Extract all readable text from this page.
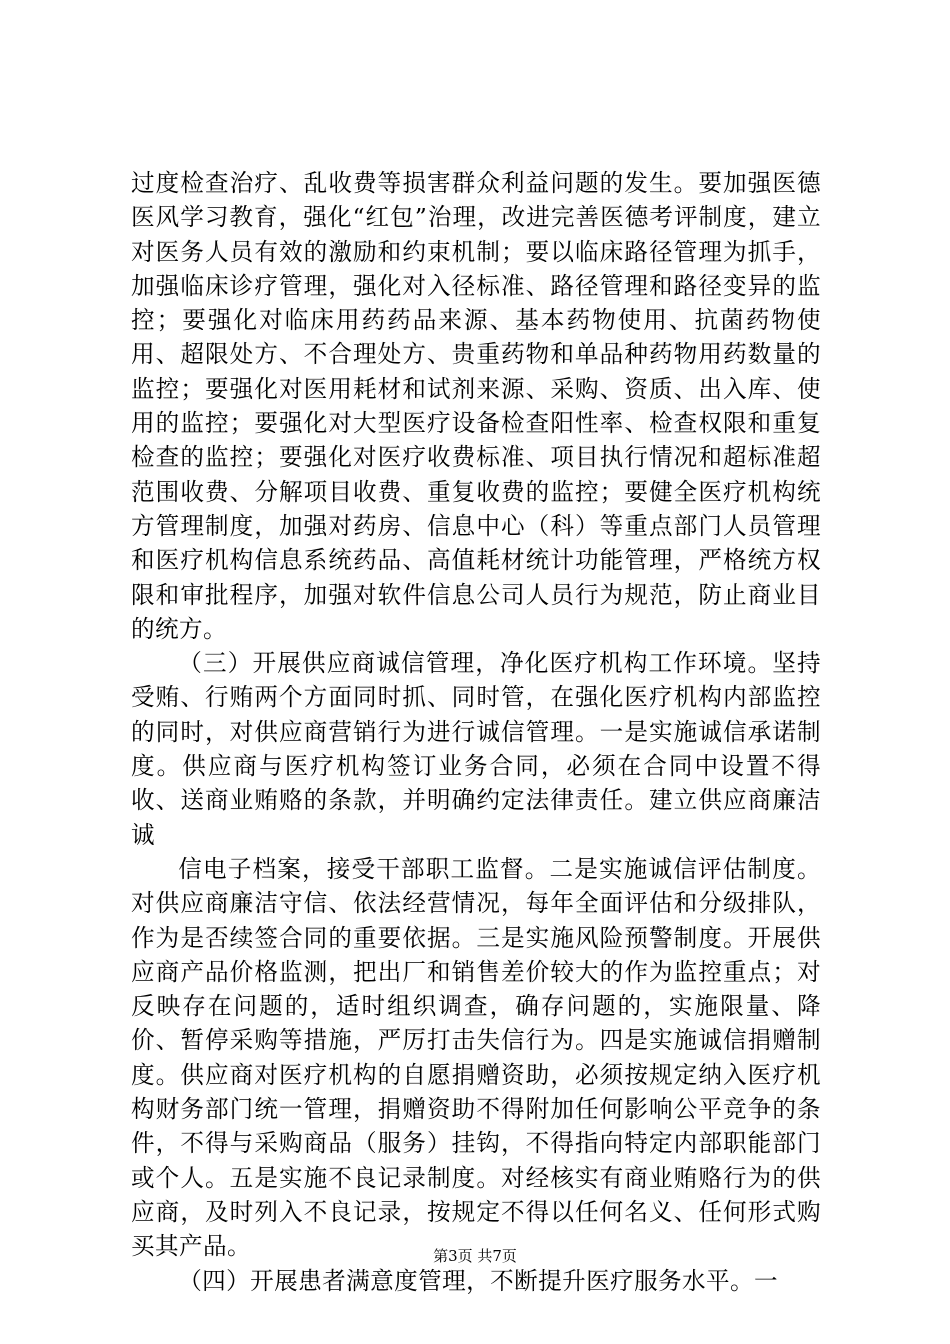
过度检查治疗、乱收费等损害群众利益问题的发生。要加强医德医风学习教育，强化“红包”治理，改进完善医德考评制度，建立对医务人员有效的激励和约束机制；要以临床路径管理为抓手，加强临床诊疗管理，强化对入径标准、路径管理和路径变异的监控；要强化对临床用药药品来源、基本药物使用、抗菌药物使用、超限处方、不合理处方、贵重药物和单品种药物用药数量的监控；要强化对医用耗材和试剂来源、采购、资质、出入库、使用的监控；要强化对大型医疗设备检查阳性率、检查权限和重复检查的监控；要强化对医疗收费标准、项目执行情况和超标准超范围收费、分解项目收费、重复收费的监控；要健全医疗机构统方管理制度，加强对药房、信息中心（科）等重点部门人员管理和医疗机构信息系统药品、高值耗材统计功能管理，严格统方权限和审批程序，加强对软件信息公司人员行为规范，防止商业目的统方。

（三）开展供应商诚信管理，净化医疗机构工作环境。坚持受贿、行贿两个方面同时抓、同时管，在强化医疗机构内部监控的同时，对供应商营销行为进行诚信管理。一是实施诚信承诺制度。供应商与医疗机构签订业务合同，必须在合同中设置不得收、送商业贿赂的条款，并明确约定法律责任。建立供应商廉洁诚

信电子档案，接受干部职工监督。二是实施诚信评估制度。对供应商廉洁守信、依法经营情况，每年全面评估和分级排队，作为是否续签合同的重要依据。三是实施风险预警制度。开展供应商产品价格监测，把出厂和销售差价较大的作为监控重点；对反映存在问题的，适时组织调查，确存问题的，实施限量、降价、暂停采购等措施，严厉打击失信行为。四是实施诚信捐赠制度。供应商对医疗机构的自愿捐赠资助，必须按规定纳入医疗机构财务部门统一管理，捐赠资助不得附加任何影响公平竞争的条件，不得与采购商品（服务）挂钩，不得指向特定内部职能部门或个人。五是实施不良记录制度。对经核实有商业贿赂行为的供应商，及时列入不良记录，按规定不得以任何名义、任何形式购买其产品。

（四）开展患者满意度管理，不断提升医疗服务水平。一

第3页 共7页
